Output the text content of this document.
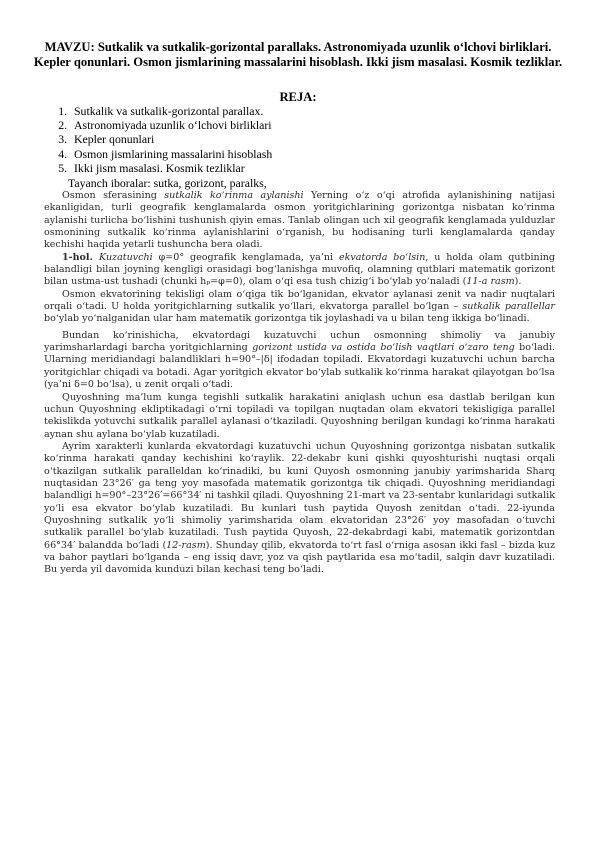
MAVZU: Sutkalik va sutkalik-gorizontal parallaks. Astronomiyada uzunlik o‘lchovi birliklari. Kepler qonunlari. Osmon jismlarining massalarini hisoblash. Ikki jism masalasi. Kosmik tezliklar.
REJA:
1. Sutkalik va sutkalik-gorizontal parallax.
2. Astronomiyada uzunlik o‘lchovi birliklari
3. Kepler qonunlari
4. Osmon jismlarining massalarini hisoblash
5. Ikki jism masalasi. Kosmik tezliklar
Tayanch iboralar: sutka, gorizont, paralks,

Osmon sferasining sutkalik ko‘rinma aylanishi Yerning o‘z o‘qi atrofida aylanishining natijasi ekanligidan, turli geografik kenglamalarda osmon yoritgichlarining gorizontga nisbatan ko‘rinma aylanishi turlicha bo‘lishini tushunish qiyin emas. Tanlab olingan uch xil geografik kenglamada yulduzlar osmonining sutkalik ko‘rinma aylanishlarini o‘rganish, bu hodisaning turli kenglamalarda qanday kechishi haqida yetarli tushuncha bera oladi.

1-hol. Kuzatuvchi φ=0° geografik kenglamada, ya’ni ekvatorda bo‘lsin, u holda olam qutbining balandligi bilan joyning kengligi orasidagi bog‘lanishga muvofiq, olamning qutblari matematik gorizont bilan ustma-ust tushadi (chunki hₚ=φ=0), olam o‘qi esa tush chizig‘i bo‘ylab yo‘naladi (11-a rasm).

Osmon ekvatorining tekisligi olam o‘qiga tik bo‘lganidan, ekvator aylanasi zenit va nadir nuqtalari orqali o‘tadi. U holda yoritgichlarning sutkalik yo‘llari, ekvatorga parallel bo‘lgan – sutkalik parallellar bo‘ylab yo‘nalganidan ular ham matematik gorizontga tik joylashadi va u bilan teng ikkiga bo‘linadi.

Bundan ko‘rinishicha, ekvatordagi kuzatuvchi uchun osmonning shimoliy va janubiy yarimsharlardagi barcha yoritgichlarning gorizont ustida va ostida bo‘lish vaqtlari o‘zaro teng bo‘ladi. Ularning meridiandagi balandliklari h=90°–|δ| ifodadan topiladi. Ekvatordagi kuzatuvchi uchun barcha yoritgichlar chiqadi va botadi. Agar yoritgich ekvator bo‘ylab sutkalik ko‘rinma harakat qilayotgan bo‘lsa (ya’ni δ=0 bo‘lsa), u zenit orqali o‘tadi.

Quyoshning ma’lum kunga tegishli sutkalik harakatini aniqlash uchun esa dastlab berilgan kun uchun Quyoshning ekliptikadagi o‘rni topiladi va topilgan nuqtadan olam ekvatori tekisligiga parallel tekislikda yotuvchi sutkalik parallel aylanasi o‘tkaziladi. Quyoshning berilgan kundagi ko‘rinma harakati aynan shu aylana bo‘ylab kuzatiladi.

Ayrim xarakterli kunlarda ekvatordagi kuzatuvchi uchun Quyoshning gorizontga nisbatan sutkalik ko‘rinma harakati qanday kechishini ko‘raylik. 22-dekabr kuni qishki quyoshturishi nuqtasi orqali o‘tkazilgan sutkalik paralleldan ko‘rinadiki, bu kuni Quyosh osmonning janubiy yarimsharida Sharq nuqtasidan 23°26′ ga teng yoy masofada matematik gorizontga tik chiqadi. Quyoshning meridiandagi balandligi h=90°–23°26′=66°34′ ni tashkil qiladi. Quyoshning 21-mart va 23-sentabr kunlaridagi sutkalik yo‘li esa ekvator bo‘ylab kuzatiladi. Bu kunlari tush paytida Quyosh zenitdan o‘tadi. 22-iyunda Quyoshning sutkalik yo‘li shimoliy yarimsharida olam ekvatoridan 23°26′ yoy masofadan o‘tuvchi sutkalik parallel bo‘ylab kuzatiladi. Tush paytida Quyosh, 22-dekabrdagi kabi, matematik gorizontdan 66°34′ balandda bo‘ladi (12-rasm). Shunday qilib, ekvatorda to‘rt fasl o‘rniga asosan ikki fasl – bizda kuz va bahor paytlari bo‘lganda – eng issiq davr, yoz va qish paytlarida esa mo‘tadil, salqin davr kuzatiladi. Bu yerda yil davomida kunduzi bilan kechasi teng bo‘ladi.
